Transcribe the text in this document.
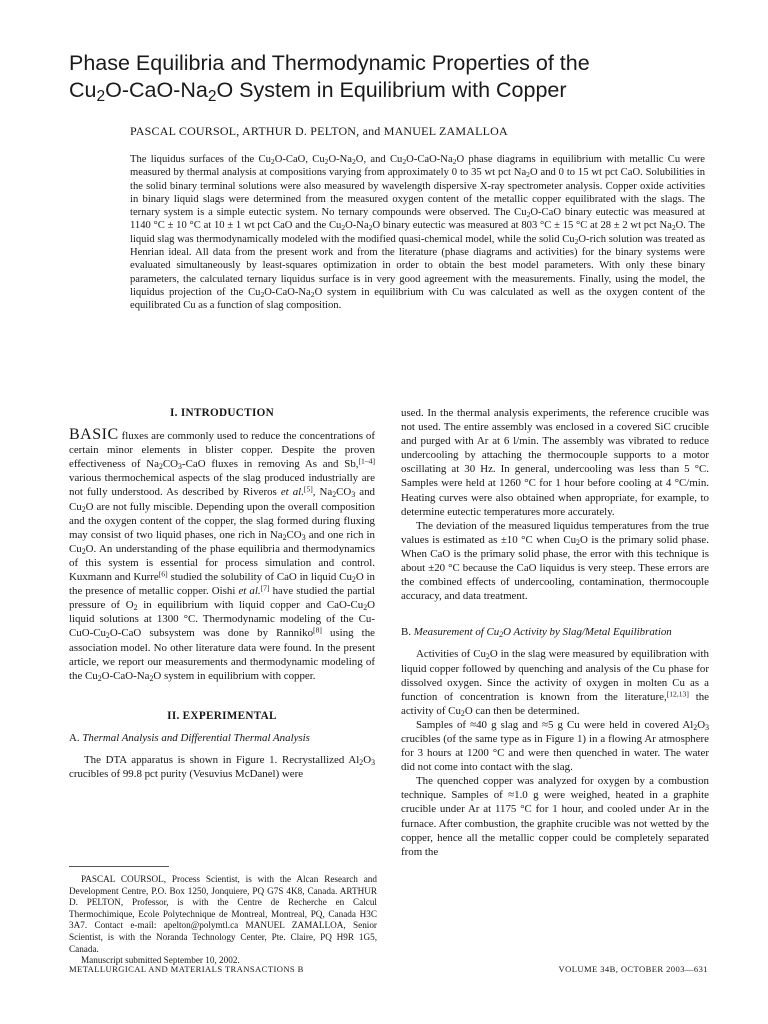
Phase Equilibria and Thermodynamic Properties of the
$Cu_2O-CaO-Na_2O$ System in Equilibrium with Copper
PASCAL COURSOL, ARTHUR D. PELTON, and MANUEL ZAMALLOA
The liquidus surfaces of the $Cu_2O$-CaO, $Cu_2O-Na_2O$, and $Cu_2O-CaO-Na_2O$ phase diagrams in equilibrium with metallic Cu were measured by thermal analysis at compositions varying from approximately 0 to 35 wt pct $Na_2O$ and 0 to 15 wt pct CaO. Solubilities in the solid binary terminal solutions were also measured by wavelength dispersive X-ray spectrometer analysis. Copper oxide activities in binary liquid slags were determined from the measured oxygen content of the metallic copper equilibrated with the slags. The ternary system is a simple eutectic system. No ternary compounds were observed. The $Cu_2O$-CaO binary eutectic was measured at 1140 °C ± 10 °C at 10 ± 1 wt pct CaO and the $Cu_2O-Na_2O$ binary eutectic was measured at 803 °C ± 15 °C at 28 ± 2 wt pct $Na_2O$. The liquid slag was thermodynamically modeled with the modified quasi-chemical model, while the solid $Cu_2O$-rich solution was treated as Henrian ideal. All data from the present work and from the literature (phase diagrams and activities) for the binary systems were evaluated simultaneously by least-squares optimization in order to obtain the best model parameters. With only these binary parameters, the calculated ternary liquidus surface is in very good agreement with the measurements. Finally, using the model, the liquidus projection of the $Cu_2O-CaO-Na_2O$ system in equilibrium with Cu was calculated as well as the oxygen content of the equilibrated Cu as a function of slag composition.
I. INTRODUCTION

BASIC fluxes are commonly used to reduce the concentrations of certain minor elements in blister copper. Despite the proven effectiveness of $Na_2CO_3$-CaO fluxes in removing As and Sb,[1–4] various thermochemical aspects of the slag produced industrially are not fully understood. As described by Riveros et al.[5], $Na_2CO_3$ and $Cu_2O$ are not fully miscible. Depending upon the overall composition and the oxygen content of the copper, the slag formed during fluxing may consist of two liquid phases, one rich in $Na_2CO_3$ and one rich in $Cu_2O$. An understanding of the phase equilibria and thermodynamics of this system is essential for process simulation and control. Kuxmann and Kurre[6] studied the solubility of CaO in liquid $Cu_2O$ in the presence of metallic copper. Oishi et al.[7] have studied the partial pressure of $O_2$ in equilibrium with liquid copper and CaO-$Cu_2O$ liquid solutions at 1300 °C. Thermodynamic modeling of the $Cu-CuO-Cu_2O$-CaO subsystem was done by Ranniko[8] using the association model. No other literature data were found. In the present article, we report our measurements and thermodynamic modeling of the $Cu_2O-CaO-Na_2O$ system in equilibrium with copper.

II. EXPERIMENTAL
A. Thermal Analysis and Differential Thermal Analysis

The DTA apparatus is shown in Figure 1. Recrystallized $Al_2O_3$ crucibles of 99.8 pct purity (Vesuvius McDanel) were

used. In the thermal analysis experiments, the reference crucible was not used. The entire assembly was enclosed in a covered SiC crucible and purged with Ar at 6 l/min. The assembly was vibrated to reduce undercooling by attaching the thermocouple supports to a motor oscillating at 30 Hz. In general, undercooling was less than 5 °C. Samples were held at 1260 °C for 1 hour before cooling at 4 °C/min. Heating curves were also obtained when appropriate, for example, to determine eutectic temperatures more accurately.

The deviation of the measured liquidus temperatures from the true values is estimated as ±10 °C when $Cu_2O$ is the primary solid phase. When CaO is the primary solid phase, the error with this technique is about ±20 °C because the CaO liquidus is very steep. These errors are the combined effects of undercooling, contamination, thermocouple accuracy, and data treatment.

B. Measurement of $Cu_2O$ Activity by Slag/Metal Equilibration

Activities of $Cu_2O$ in the slag were measured by equilibration with liquid copper followed by quenching and analysis of the Cu phase for dissolved oxygen. Since the activity of oxygen in molten Cu as a function of concentration is known from the literature,[12,13] the activity of $Cu_2O$ can then be determined.

Samples of ≈40 g slag and ≈5 g Cu were held in covered $Al_2O_3$ crucibles (of the same type as in Figure 1) in a flowing Ar atmosphere for 3 hours at 1200 °C and were then quenched in water. The water did not come into contact with the slag.

The quenched copper was analyzed for oxygen by a combustion technique. Samples of ≈1.0 g were weighed, heated in a graphite crucible under Ar at 1175 °C for 1 hour, and cooled under Ar in the furnace. After combustion, the graphite crucible was not wetted by the copper, hence all the metallic copper could be completely separated from the

PASCAL COURSOL, Process Scientist, is with the Alcan Research and Development Centre, P.O. Box 1250, Jonquiere, PQ G7S 4K8, Canada. ARTHUR D. PELTON, Professor, is with the Centre de Recherche en Calcul Thermochimique, Ecole Polytechnique de Montreal, Montreal, PQ, Canada H3C 3A7. Contact e-mail: apelton@polymtl.ca MANUEL ZAMALLOA, Senior Scientist, is with the Noranda Technology Center, Pte. Claire, PQ H9R 1G5, Canada.

Manuscript submitted September 10, 2002.

METALLURGICAL AND MATERIALS TRANSACTIONS B	VOLUME 34B, OCTOBER 2003—631
